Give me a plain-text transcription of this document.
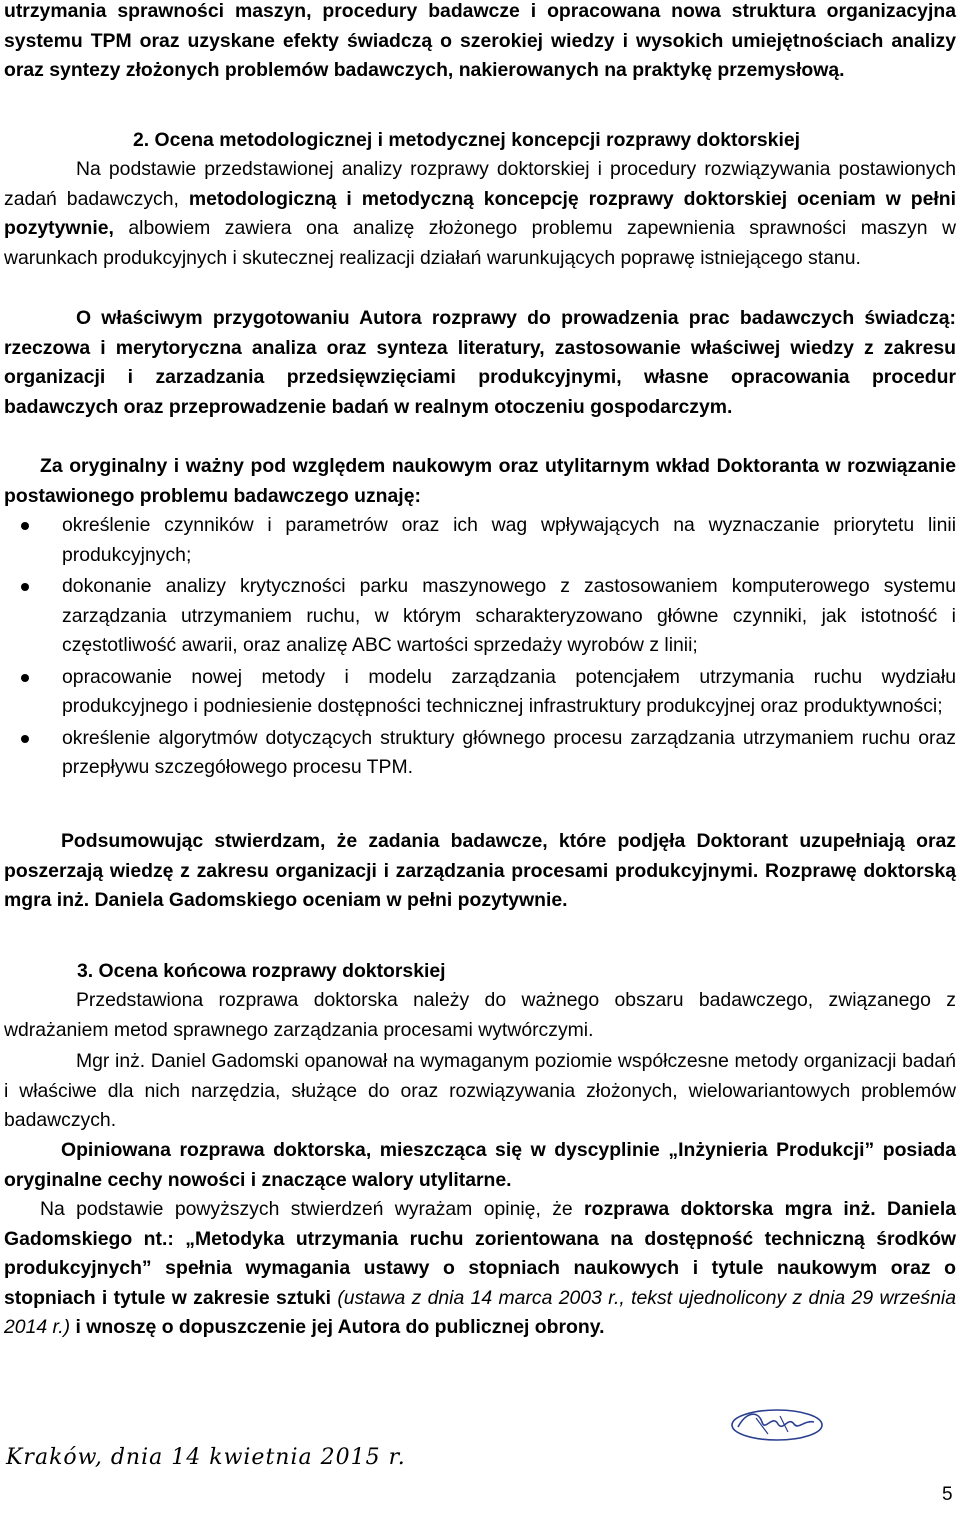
utrzymania sprawności maszyn, procedury badawcze i opracowana nowa struktura organizacyjna systemu TPM oraz uzyskane efekty świadczą o szerokiej wiedzy i wysokich umiejętnościach analizy oraz syntezy złożonych problemów badawczych, nakierowanych na praktykę przemysłową.

2. Ocena metodologicznej i metodycznej koncepcji rozprawy doktorskiej

Na podstawie przedstawionej analizy rozprawy doktorskiej i procedury rozwiązywania postawionych zadań badawczych, metodologiczną i metodyczną koncepcję rozprawy doktorskiej oceniam w pełni pozytywnie, albowiem zawiera ona analizę złożonego problemu zapewnienia sprawności maszyn w warunkach produkcyjnych i skutecznej realizacji działań warunkujących poprawę istniejącego stanu.

O właściwym przygotowaniu Autora rozprawy do prowadzenia prac badawczych świadczą: rzeczowa i merytoryczna analiza oraz synteza literatury, zastosowanie właściwej wiedzy z zakresu organizacji i zarzadzania przedsięwzięciami produkcyjnymi, własne opracowania procedur badawczych oraz przeprowadzenie badań w realnym otoczeniu gospodarczym.

Za oryginalny i ważny pod względem naukowym oraz utylitarnym wkład Doktoranta w rozwiązanie postawionego problemu badawczego uznaję:

określenie czynników i parametrów oraz ich wag wpływających na wyznaczanie priorytetu linii produkcyjnych;
dokonanie analizy krytyczności parku maszynowego z zastosowaniem komputerowego systemu zarządzania utrzymaniem ruchu, w którym scharakteryzowano główne czynniki, jak istotność i częstotliwość awarii, oraz analizę ABC wartości sprzedaży wyrobów z linii;
opracowanie nowej metody i modelu zarządzania potencjałem utrzymania ruchu wydziału produkcyjnego i podniesienie dostępności technicznej infrastruktury produkcyjnej oraz produktywności;
określenie algorytmów dotyczących struktury głównego procesu zarządzania utrzymaniem ruchu oraz przepływu szczegółowego procesu TPM.

Podsumowując stwierdzam, że zadania badawcze, które podjęła Doktorant uzupełniają oraz poszerzają wiedzę z zakresu organizacji i zarządzania procesami produkcyjnymi. Rozprawę doktorską mgra inż. Daniela Gadomskiego oceniam w pełni pozytywnie.

3. Ocena końcowa rozprawy doktorskiej

Przedstawiona rozprawa doktorska należy do ważnego obszaru badawczego, związanego z wdrażaniem metod sprawnego zarządzania procesami wytwórczymi.

Mgr inż. Daniel Gadomski opanował na wymaganym poziomie współczesne metody organizacji badań i właściwe dla nich narzędzia, służące do oraz rozwiązywania złożonych, wielowariantowych problemów badawczych.

Opiniowana rozprawa doktorska, mieszcząca się w dyscyplinie „Inżynieria Produkcji” posiada oryginalne cechy nowości i znaczące walory utylitarne.

Na podstawie powyższych stwierdzeń wyrażam opinię, że rozprawa doktorska mgra inż. Daniela Gadomskiego nt.: „Metodyka utrzymania ruchu zorientowana na dostępność techniczną środków produkcyjnych” spełnia wymagania ustawy o stopniach naukowych i tytule naukowym oraz o stopniach i tytule w zakresie sztuki (ustawa z dnia 14 marca 2003 r., tekst ujednolicony z dnia 29 września 2014 r.) i wnoszę o dopuszczenie jej Autora do publicznej obrony.

Kraków, dnia 14 kwietnia 2015 r.
5
